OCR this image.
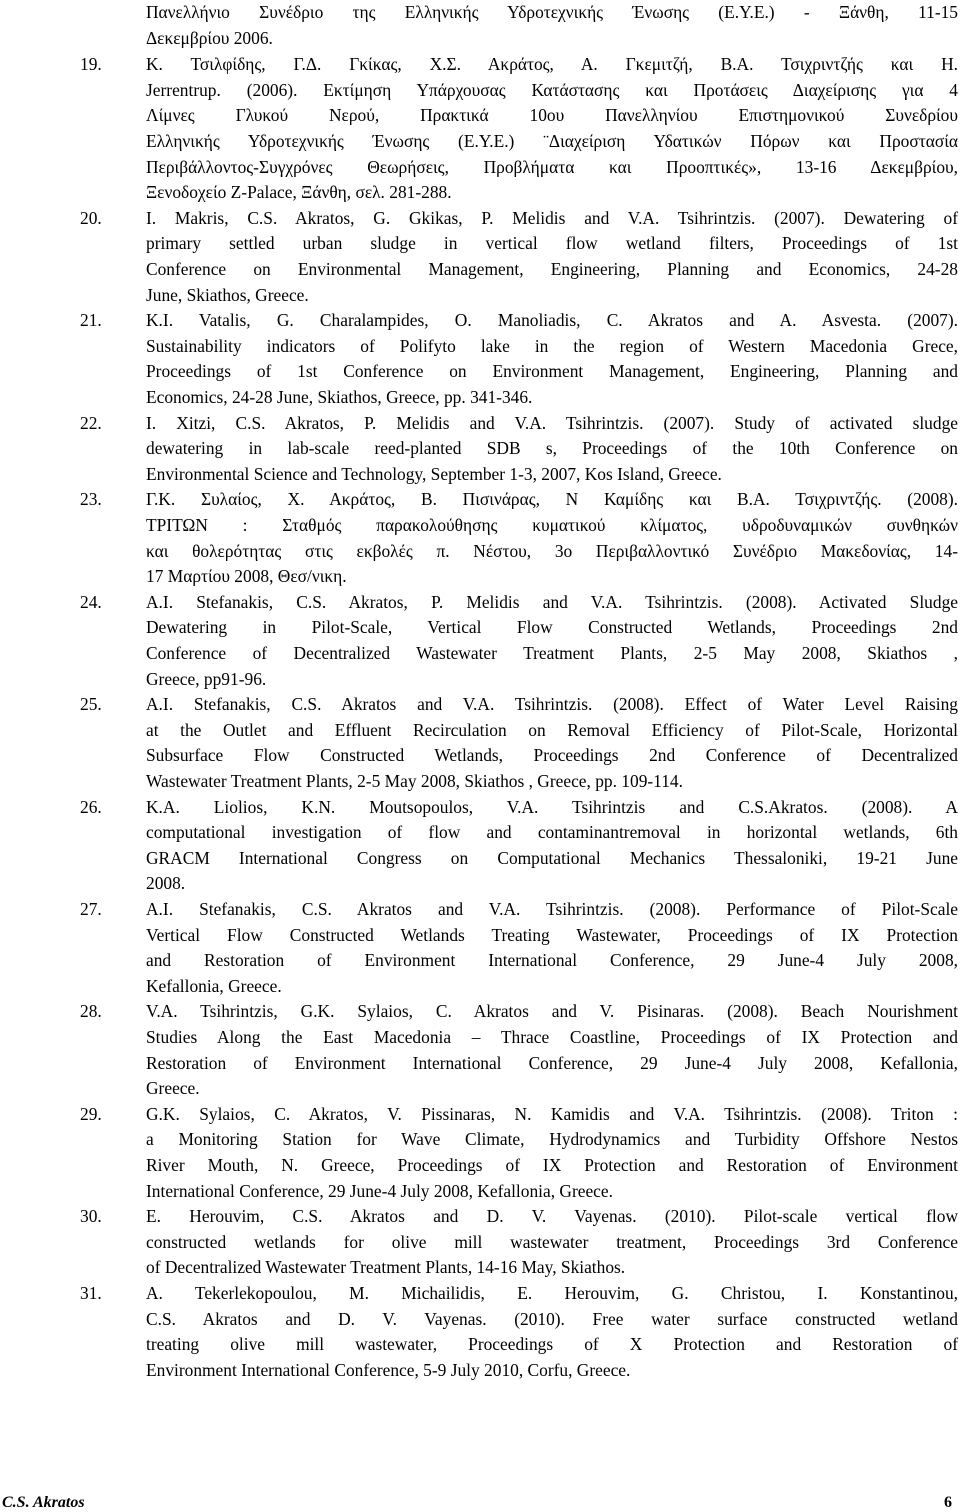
Πανελλήνιο Συνέδριο της Ελληνικής Υδροτεχνικής Ένωσης (Ε.Υ.Ε.) - Ξάνθη, 11-15
Δεκεμβρίου 2006.
19.	Κ. Τσιλφίδης, Γ.Δ. Γκίκας, Χ.Σ. Ακράτος, Α. Γκεμιτζή, Β.Α. Τσιχριντζής και Η.
Jerrentrup. (2006). Εκτίμηση Υπάρχουσας Κατάστασης και Προτάσεις Διαχείρισης για 4
Λίμνες Γλυκού Νερού, Πρακτικά 10ου Πανελληνίου Επιστημονικού Συνεδρίου
Ελληνικής Υδροτεχνικής Ένωσης (Ε.Υ.Ε.) ¨Διαχείριση Υδατικών Πόρων και Προστασία
Περιβάλλοντος-Συγχρόνες Θεωρήσεις, Προβλήματα και Προοπτικές», 13-16 Δεκεμβρίου,
Ξενοδοχείο Z-Palace, Ξάνθη, σελ. 281-288.
20.	I. Makris, C.S. Akratos, G. Gkikas, P. Melidis and V.A. Tsihrintzis. (2007). Dewatering of
primary settled urban sludge in vertical flow wetland filters, Proceedings of 1st
Conference on Environmental Management, Engineering, Planning and Economics, 24-28
June, Skiathos, Greece.
21.	K.I. Vatalis, G. Charalampides, O. Manoliadis, C. Akratos and A. Asvesta. (2007).
Sustainability indicators of Polifyto lake in the region of Western Macedonia Grece,
Proceedings of 1st Conference on Environment Management, Engineering, Planning and
Economics, 24-28 June, Skiathos, Greece, pp. 341-346.
22.	I. Xitzi, C.S. Akratos, P. Melidis and V.A. Tsihrintzis. (2007). Study of activated sludge
dewatering in lab-scale reed-planted SDB s, Proceedings of the 10th Conference on
Environmental Science and Technology, September 1-3, 2007, Kos Island, Greece.
23.	Γ.Κ. Συλαίος, Χ. Ακράτος, Β. Πισινάρας, Ν Καμίδης και Β.Α. Τσιχριντζής. (2008).
ΤΡΙΤΩΝ : Σταθμός παρακολούθησης κυματικού κλίματος, υδροδυναμικών συνθηκών
και θολερότητας στις εκβολές π. Νέστου, 3ο Περιβαλλοντικό Συνέδριο Μακεδονίας, 14-
17 Μαρτίου 2008, Θεσ/νικη.
24.	A.I. Stefanakis, C.S. Akratos, P. Melidis and V.A. Tsihrintzis. (2008). Activated Sludge
Dewatering in Pilot-Scale, Vertical Flow Constructed Wetlands, Proceedings 2nd
Conference of Decentralized Wastewater Treatment Plants, 2-5 May 2008, Skiathos ,
Greece, pp91-96.
25.	A.I. Stefanakis, C.S. Akratos and V.A. Tsihrintzis. (2008). Effect of Water Level Raising
at the Outlet and Effluent Recirculation on Removal Efficiency of Pilot-Scale, Horizontal
Subsurface Flow Constructed Wetlands, Proceedings 2nd Conference of Decentralized
Wastewater Treatment Plants, 2-5 May 2008, Skiathos , Greece, pp. 109-114.
26.	K.A. Liolios, K.N. Moutsopoulos, V.A. Tsihrintzis and C.S.Akratos. (2008). A
computational investigation of flow and contaminantremoval in horizontal wetlands, 6th
GRACM International Congress on Computational Mechanics Thessaloniki, 19-21 June
2008.
27.	A.I. Stefanakis, C.S. Akratos and V.A. Tsihrintzis. (2008). Performance of Pilot-Scale
Vertical Flow Constructed Wetlands Treating Wastewater, Proceedings of IX Protection
and Restoration of Environment International Conference, 29 June-4 July 2008,
Kefallonia, Greece.
28.	V.A. Tsihrintzis, G.K. Sylaios, C. Akratos and V. Pisinaras. (2008). Beach Nourishment
Studies Along the East Macedonia – Thrace Coastline, Proceedings of IX Protection and
Restoration of Environment International Conference, 29 June-4 July 2008, Kefallonia,
Greece.
29.	G.K. Sylaios, C. Akratos, V. Pissinaras, N. Kamidis and V.A. Tsihrintzis. (2008). Triton :
a Monitoring Station for Wave Climate, Hydrodynamics and Turbidity Offshore Nestos
River Mouth, N. Greece, Proceedings of IX Protection and Restoration of Environment
International Conference, 29 June-4 July 2008, Kefallonia, Greece.
30.	E. Herouvim, C.S. Akratos and D. V. Vayenas. (2010). Pilot-scale vertical flow
constructed wetlands for olive mill wastewater treatment, Proceedings 3rd Conference
of Decentralized Wastewater Treatment Plants, 14-16 May, Skiathos.
31.	A. Tekerlekopoulou, M. Michailidis, E. Herouvim, G. Christou, I. Konstantinou,
C.S. Akratos and D. V. Vayenas. (2010). Free water surface constructed wetland
treating olive mill wastewater, Proceedings of X Protection and Restoration of
Environment International Conference, 5-9 July 2010, Corfu, Greece.
C.S. Akratos	6
